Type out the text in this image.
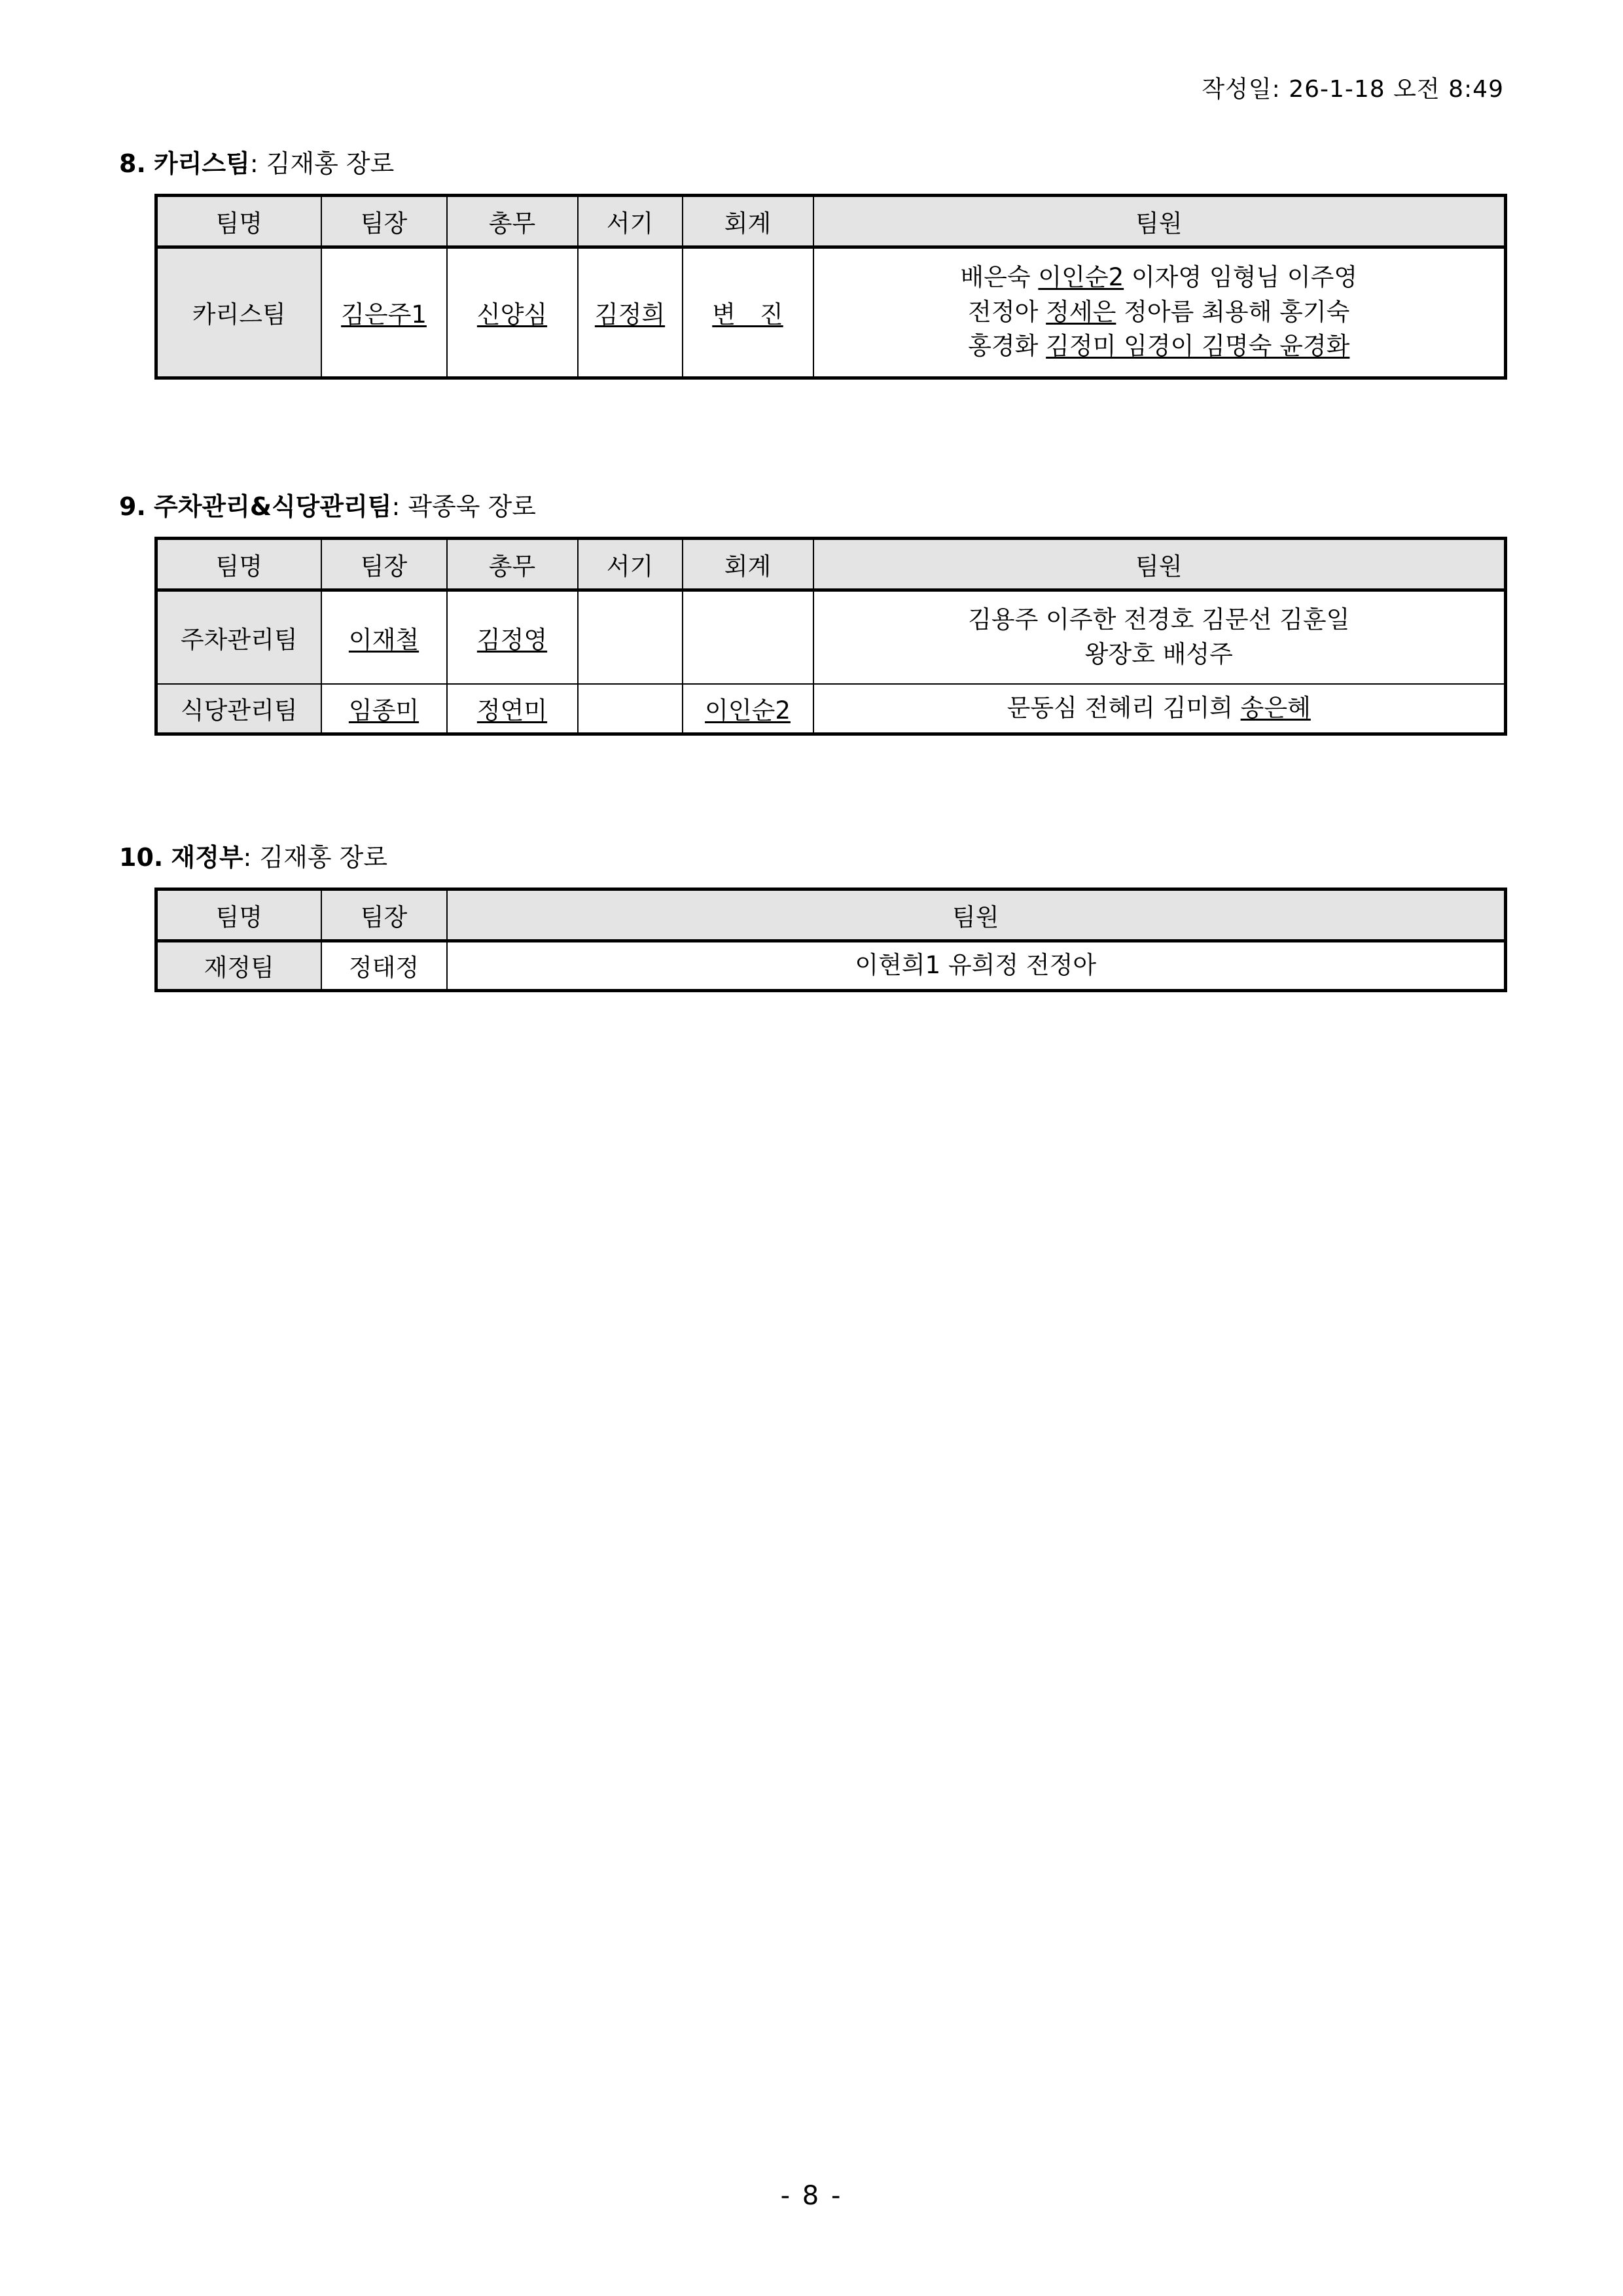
작성일: 26-1-18 오전 8:49
8. 카리스팀: 김재홍 장로
팀명	팀장	총무	서기	회계	팀원
카리스팀	김은주1	신양심	김정희	변　진	배은숙 이인순2 이자영 임형님 이주영
전정아 정세은 정아름 최용해 홍기숙
홍경화 김정미 임경이 김명숙 윤경화
9. 주차관리&식당관리팀: 곽종욱 장로
팀명	팀장	총무	서기	회계	팀원
주차관리팀	이재철	김정영			김용주 이주한 전경호 김문선 김훈일
왕장호 배성주

식당관리팀	임종미	정연미		이인순2	문동심 전혜리 김미희 송은혜
10. 재정부: 김재홍 장로
팀명	팀장	팀원
재정팀	정태정	이현희1 유희정 전정아
- 8 -
